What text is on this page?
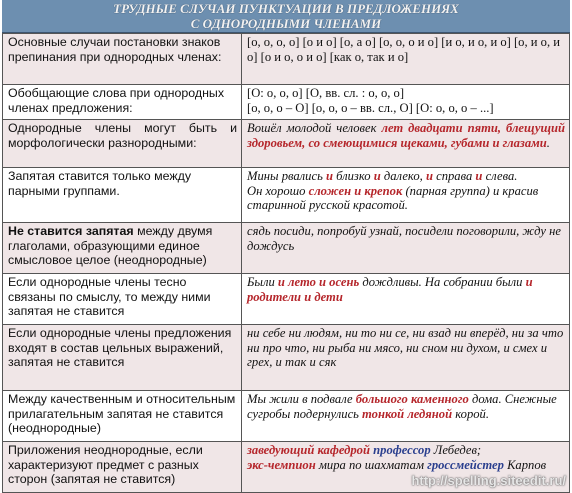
ТРУДНЫЕ СЛУЧАИ ПУНКТУАЦИИ В ПРЕДЛОЖЕНИЯХ
С ОДНОРОДНЫМИ ЧЛЕНАМИ
Основные случаи постановки знаков препинания при однородных членах:	[о, о, о, о] [о и о] [о, а о] [о, о, о и о] [и о, и о, и о] [о, и о, и о] [о и о, о и о] [как о, так и о]
Обобщающие слова при однородных членах предложения:	[O: о, о, о] [О, вв. сл. : о, о, о]
[о, о, о – О] [о, о, о – вв. сл., О] [О: о, о, о – ...]

Однородные члены могут быть и морфологически разнородными:	Вошёл молодой человек лет двадцати пяти, блещущий здоровьем, со смеющимися щеками, губами и глазами.
Запятая ставится только между парными группами.	Мины рвались и близко и далеко, и справа и слева.
Он хорошо сложен и крепок (парная группа) и красив старинной русской красотой.

Не ставится запятая между двумя глаголами, образующими единое смысловое целое (неоднородные)	сядь посиди, попробуй узнай, посидели поговорили, жду не дождусь
Если однородные члены тесно связаны по смыслу, то между ними запятая не ставится	Были и лето и осень дождливы. На собрании были и родители и дети
Если однородные члены предложения входят в состав цельных выражений, запятая не ставится	ни себе ни людям, ни то ни се, ни взад ни вперёд, ни за что ни про что, ни рыба ни мясо, ни сном ни духом, и смех и грех, и так и сяк
Между качественным и относительным прилагательным запятая не ставится (неоднородные)	Мы жили в подвале большого каменного дома. Снежные сугробы подернулись тонкой ледяной корой.
Приложения неоднородные, если характеризуют предмет с разных сторон (запятая не ставится)	заведующий кафедрой профессор Лебедев;
экс-чемпион мира по шахматам гроссмейстер Карпов
http://spelling.siteedit.ru/
